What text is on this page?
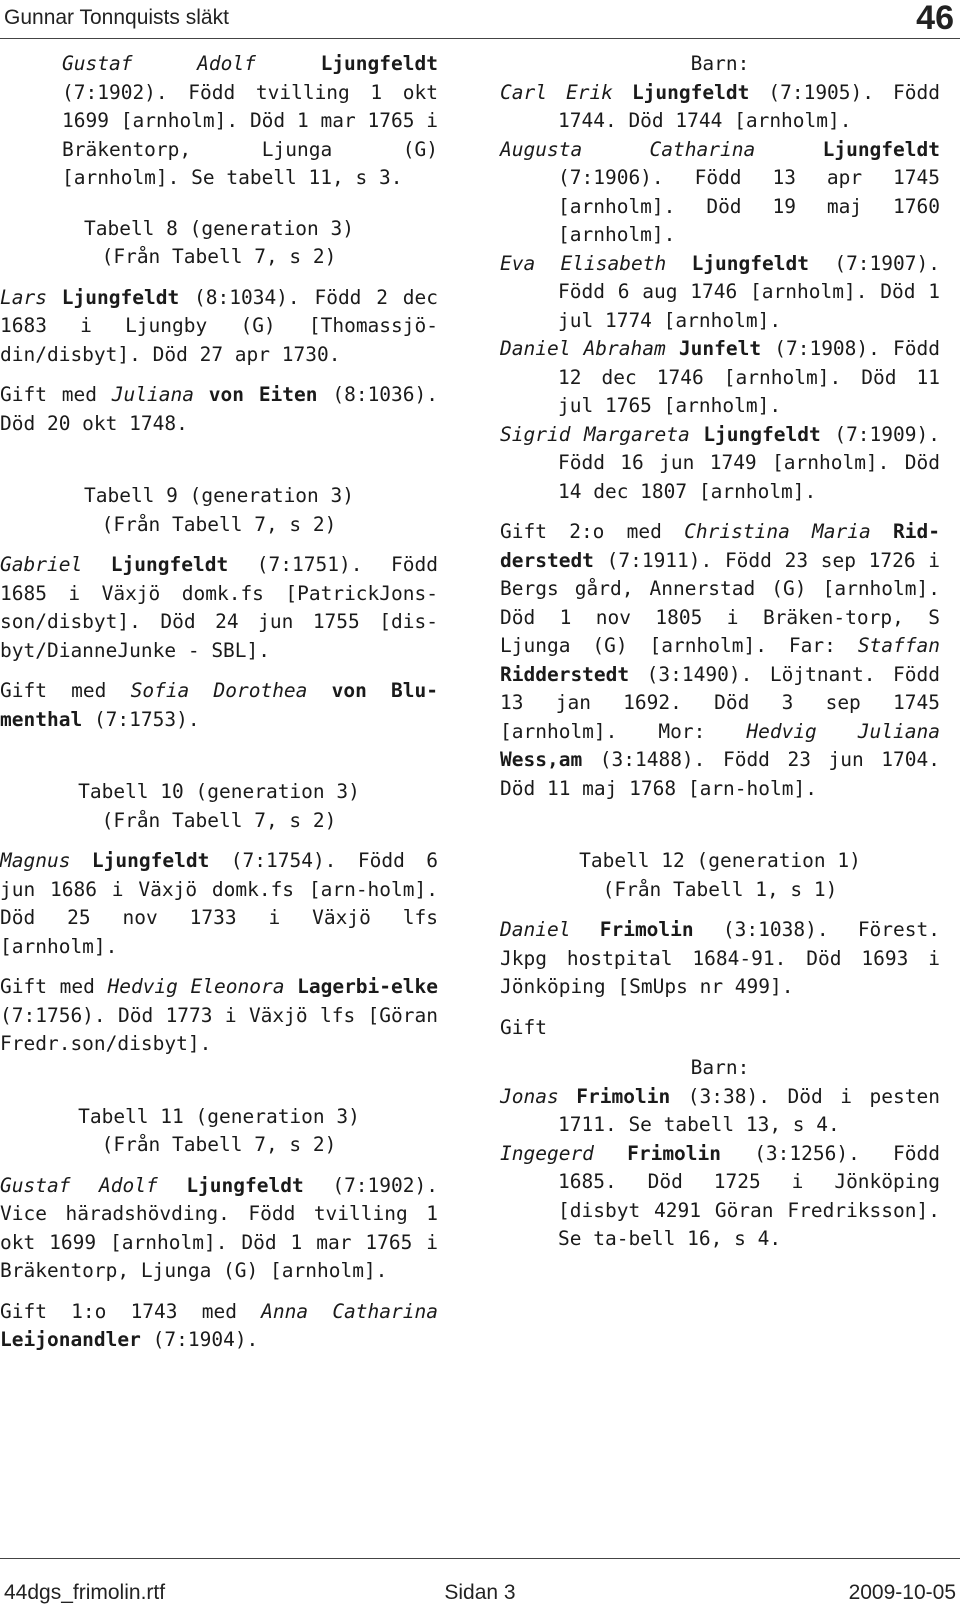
Gunnar Tonnquists släkt	46

Gustaf Adolf	Ljungfeldt (7:1902). Född tvilling 1 okt 1699 [arnholm]. Död 1 mar 1765 i Bräkentorp, Ljunga (G) [arnholm]. Se tabell 11, s 3.

Tabell 8 (generation 3)

(Från Tabell 7, s 2)

Lars Ljungfeldt (8:1034). Född 2 dec 1683 i Ljungby (G) [Thomassjö-din/disbyt]. Död 27 apr 1730.

Gift med Juliana von Eiten (8:1036). Död 20 okt 1748.

Tabell 9 (generation 3)

(Från Tabell 7, s 2)

Gabriel Ljungfeldt (7:1751). Född 1685 i Växjö domk.fs [PatrickJons-son/disbyt]. Död 24 jun 1755 [dis-byt/DianneJunke - SBL].

Gift med Sofia Dorothea von Blu-menthal (7:1753).

Tabell 10 (generation 3)

(Från Tabell 7, s 2)

Magnus Ljungfeldt (7:1754). Född 6 jun 1686 i Växjö domk.fs [arn-holm]. Död 25 nov 1733 i Växjö lfs [arnholm].

Gift med Hedvig Eleonora Lagerbi-elke (7:1756). Död 1773 i Växjö lfs [Göran Fredr.son/disbyt].

Tabell 11 (generation 3)

(Från Tabell 7, s 2)

Gustaf Adolf Ljungfeldt (7:1902). Vice häradshövding. Född tvilling 1 okt 1699 [arnholm]. Död 1 mar 1765 i Bräkentorp, Ljunga (G) [arnholm].

Gift 1:o 1743 med Anna Catharina Leijonandler (7:1904).

Barn:

Carl Erik Ljungfeldt (7:1905). Född 1744. Död 1744 [arnholm].

Augusta Catharina	Ljungfeldt (7:1906). Född 13 apr 1745 [arnholm]. Död 19 maj 1760 [arnholm].

Eva Elisabeth Ljungfeldt (7:1907). Född 6 aug 1746 [arnholm]. Död 1 jul 1774 [arnholm].

Daniel Abraham Junfelt (7:1908). Född 12 dec 1746 [arnholm]. Död 11 jul 1765 [arnholm].

Sigrid Margareta Ljungfeldt (7:1909). Född 16 jun 1749 [arnholm]. Död 14 dec 1807 [arnholm].

Gift 2:o med Christina Maria Rid-derstedt (7:1911). Född 23 sep 1726 i Bergs gård, Annerstad (G) [arnholm]. Död 1 nov 1805 i Bräken-torp, S Ljunga (G) [arnholm]. Far: Staffan Ridderstedt (3:1490). Löjtnant. Född 13 jan 1692. Död 3 sep 1745 [arnholm]. Mor: Hedvig Juliana Wess,am (3:1488). Född 23 jun 1704. Död 11 maj 1768 [arn-holm].

Tabell 12 (generation 1)

(Från Tabell 1, s 1)

Daniel Frimolin (3:1038). Förest. Jkpg hostpital 1684-91. Död 1693 i Jönköping [SmUps nr 499].

Gift

Barn:

Jonas Frimolin (3:38). Död i pesten 1711. Se tabell 13, s 4.

Ingegerd Frimolin (3:1256). Född 1685. Död 1725 i Jönköping [disbyt 4291 Göran Fredriksson]. Se ta-bell 16, s 4.

44dgs_frimolin.rtf	Sidan 3	2009-10-05
